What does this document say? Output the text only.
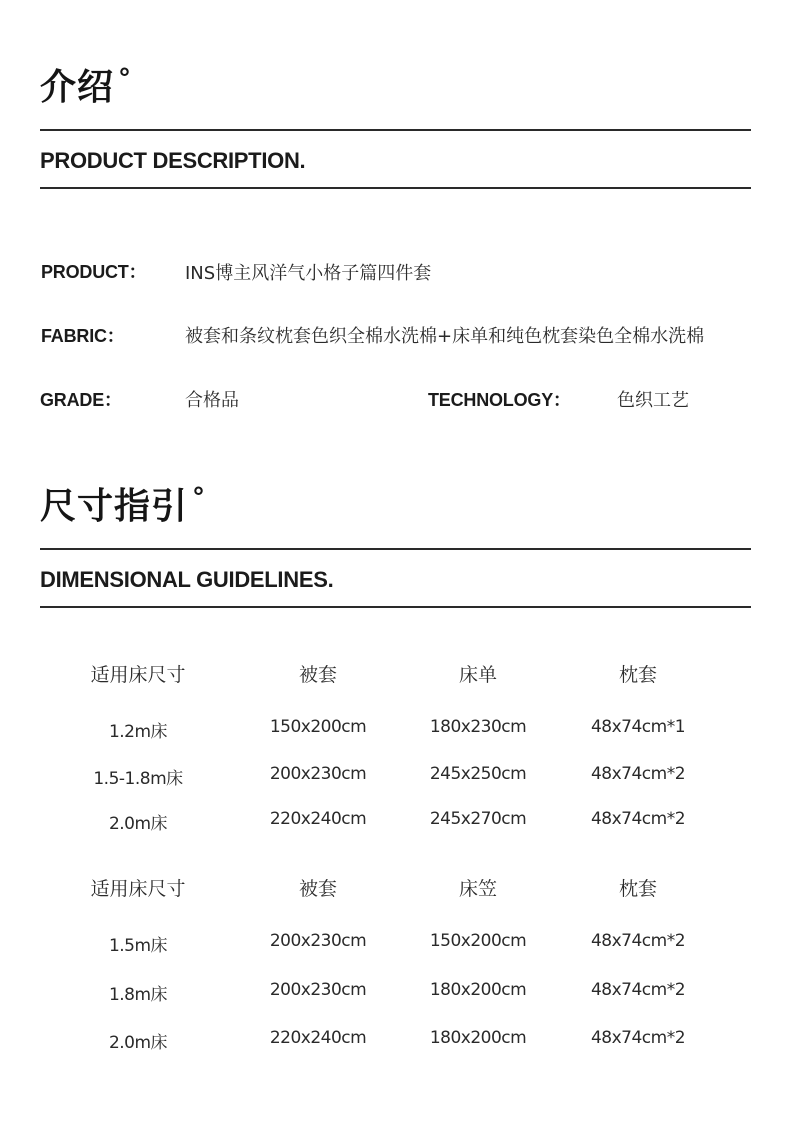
介绍 °
PRODUCT DESCRIPTION.
PRODUCT： INS博主风洋气小格子篇四件套
FABRIC：	被套和条纹枕套色织全棉水洗棉+床单和纯色枕套染色全棉水洗棉
GRADE：	合格品	TECHNOLOGY：	色织工艺
尺寸指引 °
DIMENSIONAL GUIDELINES.
适用床尺寸	被套	床单	枕套
1.2m床	150x200cm	180x230cm	48x74cm*1
1.5-1.8m床	200x230cm	245x250cm	48x74cm*2
2.0m床	220x240cm	245x270cm	48x74cm*2
适用床尺寸	被套	床笠	枕套
1.5m床	200x230cm	150x200cm	48x74cm*2
1.8m床	200x230cm	180x200cm	48x74cm*2
2.0m床	220x240cm	180x200cm	48x74cm*2
